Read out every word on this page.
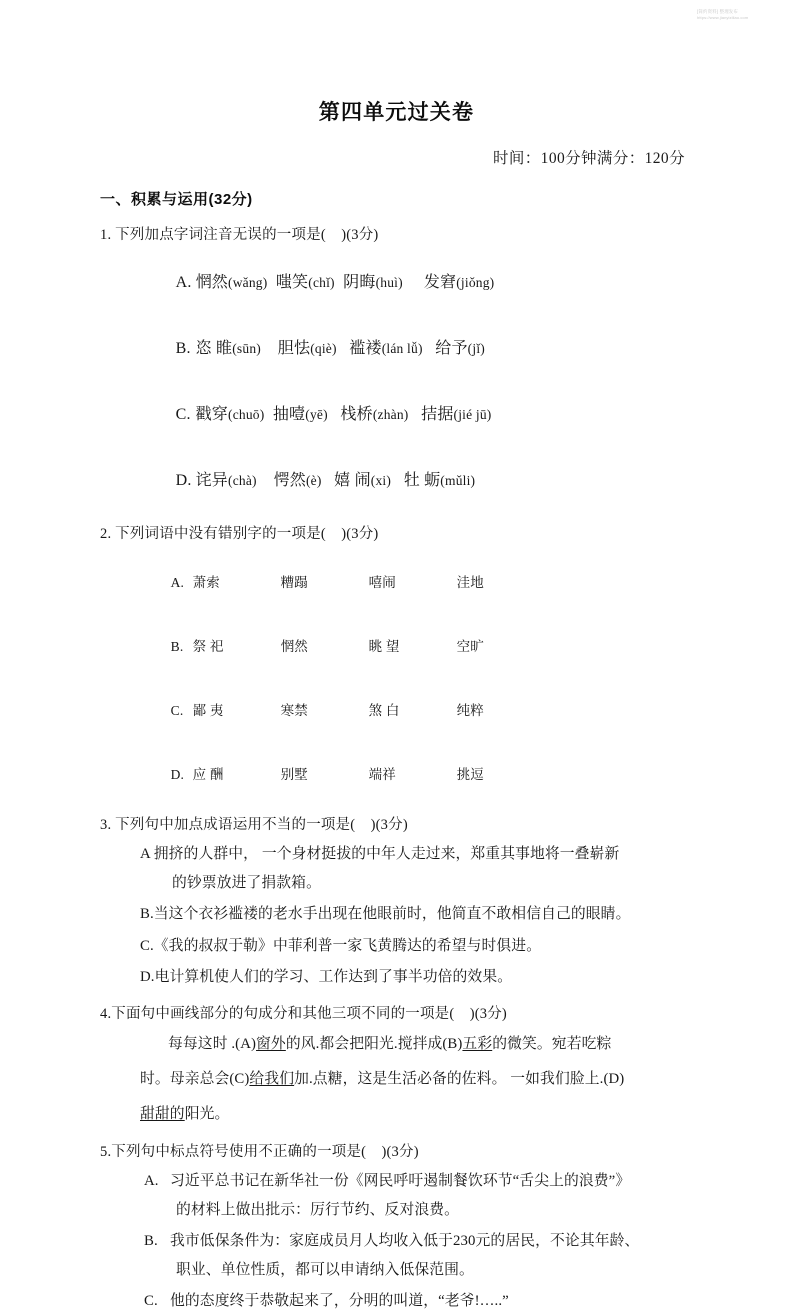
[简约资料] 整理发布
https://www.jianyiziliao.com
第四单元过关卷
时间：100分钟满分：120分
一、积累与运用(32分)
1. 下列加点字词注音无误的一项是(    )(3分)

A. 惘然(wǎng) 嗤笑(chǐ) 阴晦(huì) 发窘(jiǒng)

B. 恣 睢(sūn) 胆怯(qiè) 褴褛(lán lǚ) 给予(jǐ)

C. 戳穿(chuō) 抽噎(yē) 栈桥(zhàn) 拮据(jié jū)

D. 诧异(chà) 愕然(è) 嬉 闹(xi) 牡 蛎(mǔli)

2. 下列词语中没有错别字的一项是(    )(3分)

A. 萧索	糟蹋	嘻闹	洼地

B. 祭 祀	惘然	眺 望	空旷

C. 鄙 夷	寒禁	煞 白	纯粹

D. 应 酬	别墅	端祥	挑逗

3. 下列句中加点成语运用不当的一项是(    )(3分)
A 拥挤的人群中， 一个身材挺拔的中年人走过来，郑重其事地将一叠崭新
的钞票放进了捐款箱。
B.当这个衣衫褴褛的老水手出现在他眼前时，他简直不敢相信自己的眼睛。
C.《我的叔叔于勒》中菲利普一家飞黄腾达的希望与时俱进。
D.电计算机使人们的学习、工作达到了事半功倍的效果。
4.下面句中画线部分的句成分和其他三项不同的一项是(    )(3分)
每每这时 .(A)窗外的风.都会把阳光.搅拌成(B)五彩的微笑。宛若吃粽
时。母亲总会(C)给我们加.点糖，这是生活必备的佐料。 一如我们脸上.(D)
甜甜的阳光。
5.下列句中标点符号使用不正确的一项是(    )(3分)
A. 习近平总书记在新华社一份《网民呼吁遏制餐饮环节“舌尖上的浪费”》
的材料上做出批示：厉行节约、反对浪费。
B. 我市低保条件为：家庭成员月人均收入低于230元的居民，不论其年龄、
职业、单位性质，都可以申请纳入低保范围。
C. 他的态度终于恭敬起来了，分明的叫道，“老爷!…..”
